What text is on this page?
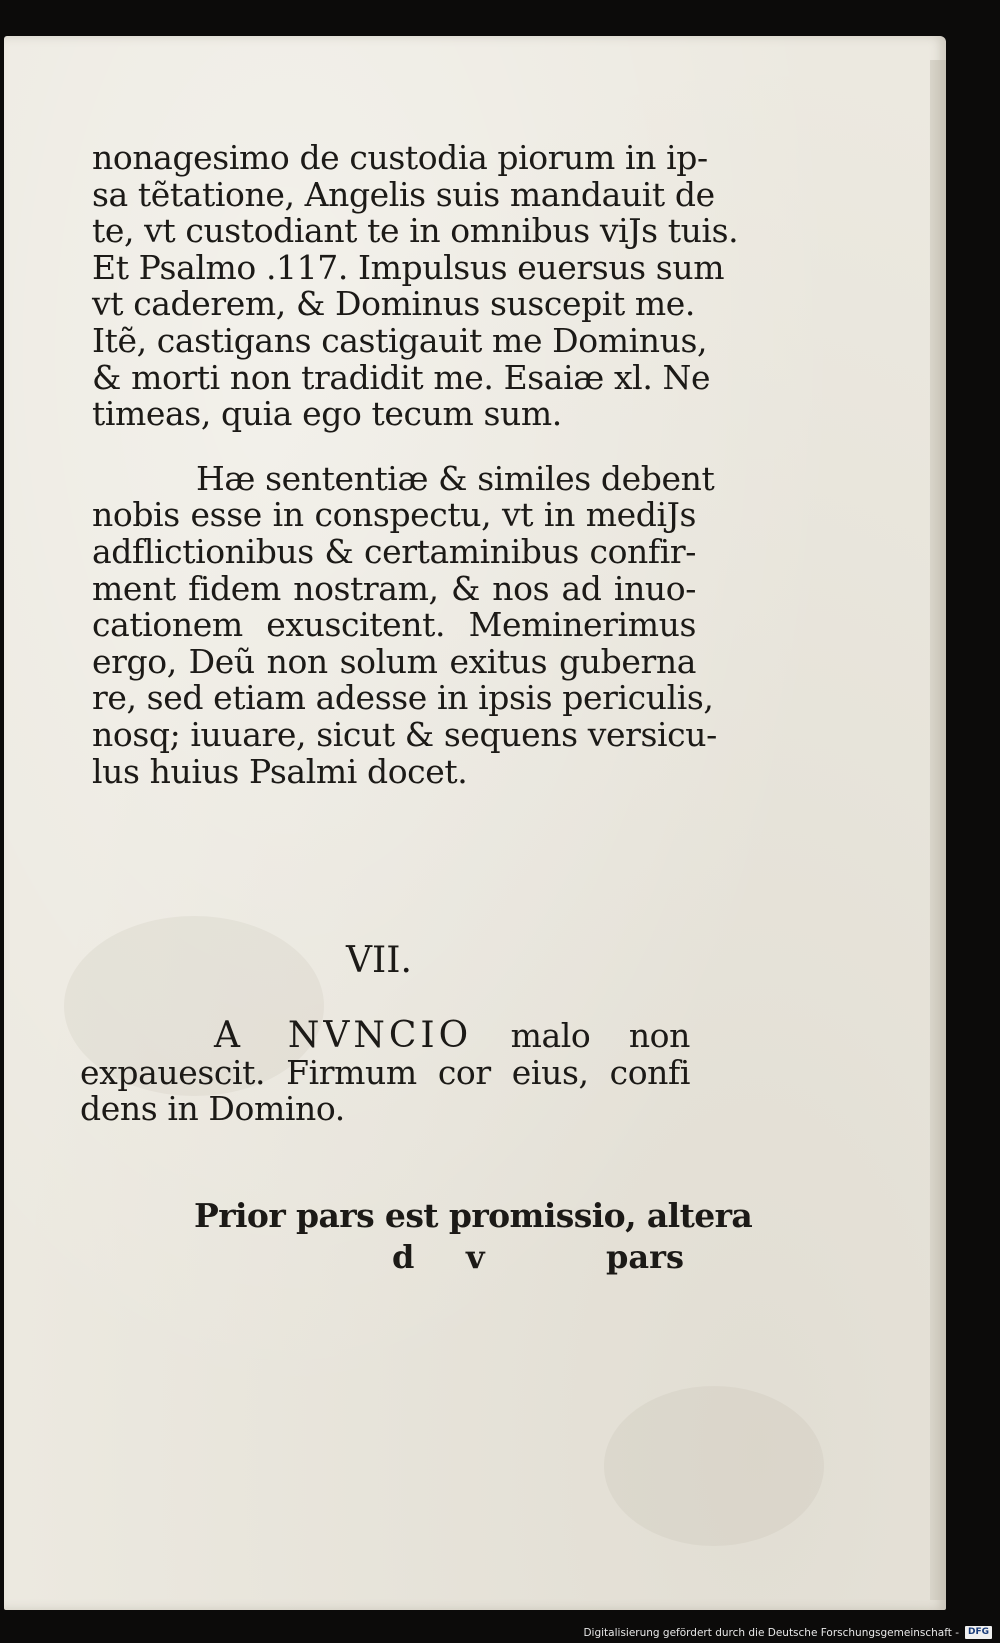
nonagesimo de custodia piorum in ip-
sa tẽtatione, Angelis suis mandauit de
te, vt custodiant te in omnibus viJs tuis.
Et Psalmo .117. Impulsus euersus sum
vt caderem, & Dominus suscepit me.
Itẽ, castigans castigauit me Dominus,
& morti non tradidit me. Esaiæ xl. Ne
timeas, quia ego tecum sum.
Hæ sententiæ & similes debent
nobis esse in conspectu, vt in mediJs
adflictionibus & certaminibus confir-
ment fidem nostram, & nos ad inuo-
cationem exuscitent. Meminerimus
ergo, Deũ non solum exitus guberna
re, sed etiam adesse in ipsis periculis,
nosq; iuuare, sicut & sequens versicu-
lus huius Psalmi docet.
VII.
A NVNCIO malo non
expauescit. Firmum cor eius, confi
dens in Domino.
Prior pars est promissio, altera
d v	pars
Digitalisierung gefördert durch die Deutsche Forschungsgemeinschaft -	DFG
